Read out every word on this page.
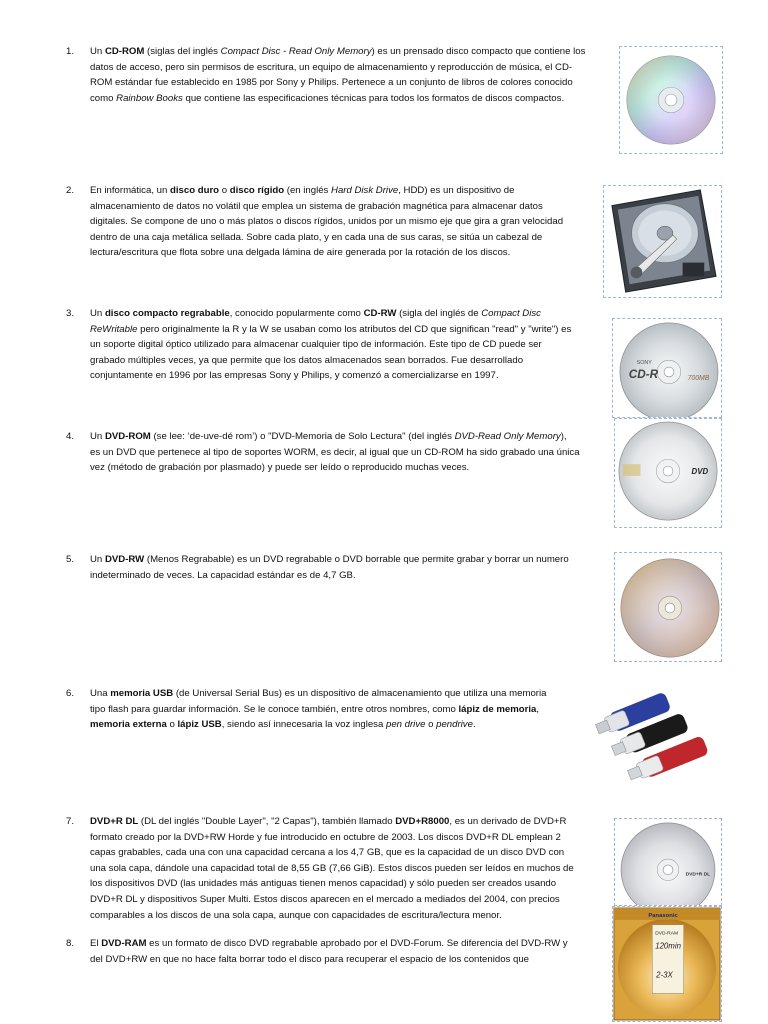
1.	Un CD-ROM (siglas del inglés Compact Disc - Read Only Memory) es un prensado disco compacto que contiene los
datos de acceso, pero sin permisos de escritura, un equipo de almacenamiento y reproducción de música, el CD-
ROM estándar fue establecido en 1985 por Sony y Philips. Pertenece a un conjunto de libros de colores conocido
como Rainbow Books que contiene las especificaciones técnicas para todos los formatos de discos compactos.
2.	En informática, un disco duro o disco rígido (en inglés Hard Disk Drive, HDD) es un dispositivo de
almacenamiento de datos no volátil que emplea un sistema de grabación magnética para almacenar datos
digitales. Se compone de uno o más platos o discos rígidos, unidos por un mismo eje que gira a gran velocidad
dentro de una caja metálica sellada. Sobre cada plato, y en cada una de sus caras, se sitúa un cabezal de
lectura/escritura que flota sobre una delgada lámina de aire generada por la rotación de los discos.
3.	Un disco compacto regrabable, conocido popularmente como CD-RW (sigla del inglés de Compact Disc
ReWritable pero originalmente la R y la W se usaban como los atributos del CD que significan "read" y "write") es
un soporte digital óptico utilizado para almacenar cualquier tipo de información. Este tipo de CD puede ser
grabado múltiples veces, ya que permite que los datos almacenados sean borrados. Fue desarrollado
conjuntamente en 1996 por las empresas Sony y Philips, y comenzó a comercializarse en 1997.
4.	Un DVD-ROM (se lee: ‘de-uve-dé rom’) o "DVD-Memoria de Solo Lectura" (del inglés DVD-Read Only Memory),
es un DVD que pertenece al tipo de soportes WORM, es decir, al igual que un CD-ROM ha sido grabado una única
vez (método de grabación por plasmado) y puede ser leído o reproducido muchas veces.
5.	Un DVD-RW (Menos Regrabable) es un DVD regrabable o DVD borrable que permite grabar y borrar un numero
indeterminado de veces. La capacidad estándar es de 4,7 GB.
6.	Una memoria USB (de Universal Serial Bus) es un dispositivo de almacenamiento que utiliza una memoria
tipo flash para guardar información. Se le conoce también, entre otros nombres, como lápiz de memoria,
memoria externa o lápiz USB, siendo así innecesaria la voz inglesa pen drive o pendrive.
7.	DVD+R DL (DL del inglés "Double Layer", "2 Capas"), también llamado DVD+R8000, es un derivado de DVD+R
formato creado por la DVD+RW Horde y fue introducido en octubre de 2003. Los discos DVD+R DL emplean 2
capas grabables, cada una con una capacidad cercana a los 4,7 GB, que es la capacidad de un disco DVD con
una sola capa, dándole una capacidad total de 8,55 GB (7,66 GiB). Estos discos pueden ser leídos en muchos de
los dispositivos DVD (las unidades más antiguas tienen menos capacidad) y sólo pueden ser creados usando
DVD+R DL y dispositivos Super Multi. Estos discos aparecen en el mercado a mediados del 2004, con precios
comparables a los discos de una sola capa, aunque con capacidades de escritura/lectura menor.
8.	El DVD-RAM es un formato de disco DVD regrabable aprobado por el DVD-Forum. Se diferencia del DVD-RW y
del DVD+RW en que no hace falta borrar todo el disco para recuperar el espacio de los contenidos que
SONY
CD-R	700MB
DVD
DVD+R DL
Panasonic
DVD-RAM
120min
2-3X
